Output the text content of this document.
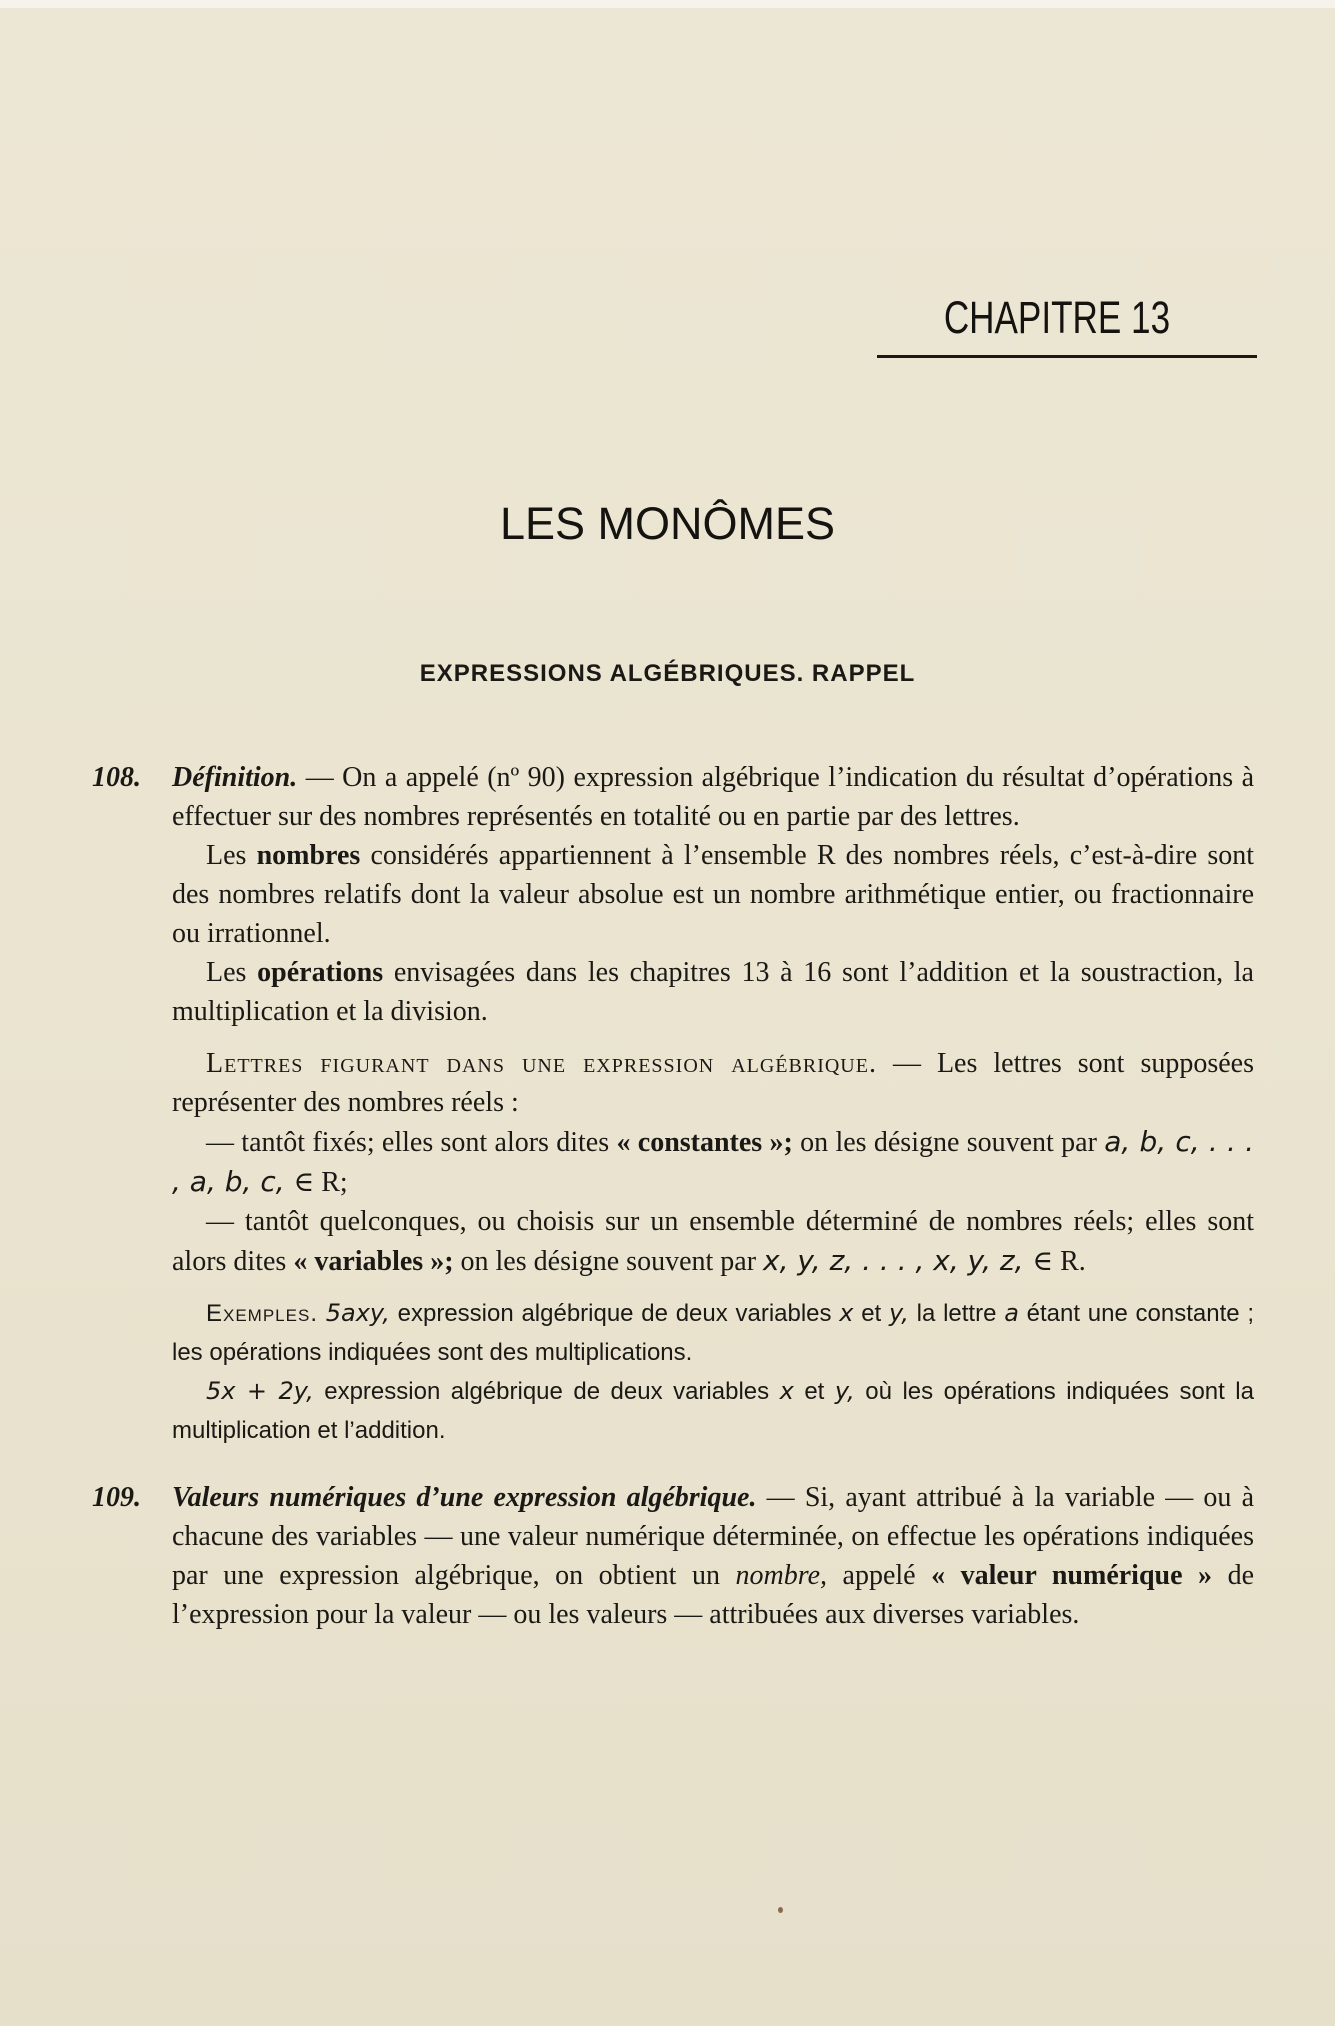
CHAPITRE 13
LES MONÔMES
EXPRESSIONS ALGÉBRIQUES. RAPPEL

108. Définition. — On a appelé (nº 90) expression algébrique l’indication du résultat d’opérations à effectuer sur des nombres représentés en totalité ou en partie par des lettres.

Les nombres considérés appartiennent à l’ensemble R des nombres réels, c’est-à-dire sont des nombres relatifs dont la valeur absolue est un nombre arithmétique entier, ou fractionnaire ou irrationnel.

Les opérations envisagées dans les chapitres 13 à 16 sont l’addition et la soustraction, la multiplication et la division.

Lettres figurant dans une expression algébrique. — Les lettres sont supposées représenter des nombres réels :

— tantôt fixés; elles sont alors dites « constantes »; on les désigne souvent par a, b, c, . . . , a, b, c, ∈ R;

— tantôt quelconques, ou choisis sur un ensemble déterminé de nombres réels; elles sont alors dites « variables »; on les désigne souvent par x, y, z, . . . , x, y, z, ∈ R.

Exemples. 5axy, expression algébrique de deux variables x et y, la lettre a étant une constante ; les opérations indiquées sont des multiplications.

5x + 2y, expression algébrique de deux variables x et y, où les opérations indiquées sont la multiplication et l’addition.

109. Valeurs numériques d’une expression algébrique. — Si, ayant attribué à la variable — ou à chacune des variables — une valeur numérique déterminée, on effectue les opérations indiquées par une expression algébrique, on obtient un nombre, appelé « valeur numérique » de l’expression pour la valeur — ou les valeurs — attribuées aux diverses variables.
